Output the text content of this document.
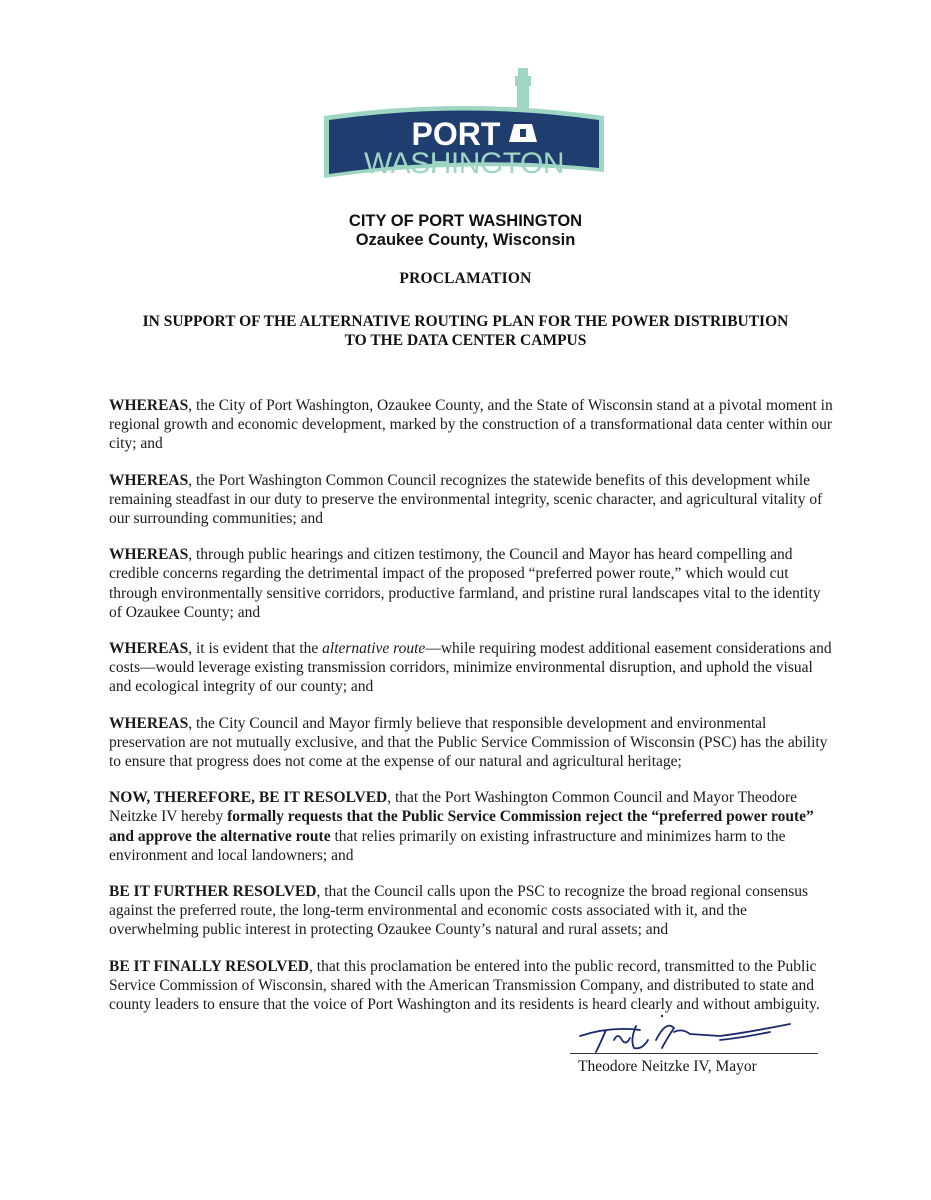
PORT
WASHINGTON
WISCONSIN
CITY OF PORT WASHINGTON
Ozaukee County, Wisconsin
PROCLAMATION
IN SUPPORT OF THE ALTERNATIVE ROUTING PLAN FOR THE POWER DISTRIBUTION
TO THE DATA CENTER CAMPUS

WHEREAS, the City of Port Washington, Ozaukee County, and the State of Wisconsin stand at a pivotal moment in regional growth and economic development, marked by the construction of a transformational data center within our city; and

WHEREAS, the Port Washington Common Council recognizes the statewide benefits of this development while remaining steadfast in our duty to preserve the environmental integrity, scenic character, and agricultural vitality of our surrounding communities; and

WHEREAS, through public hearings and citizen testimony, the Council and Mayor has heard compelling and credible concerns regarding the detrimental impact of the proposed “preferred power route,” which would cut through environmentally sensitive corridors, productive farmland, and pristine rural landscapes vital to the identity of Ozaukee County; and

WHEREAS, it is evident that the alternative route—while requiring modest additional easement considerations and costs—would leverage existing transmission corridors, minimize environmental disruption, and uphold the visual and ecological integrity of our county; and

WHEREAS, the City Council and Mayor firmly believe that responsible development and environmental preservation are not mutually exclusive, and that the Public Service Commission of Wisconsin (PSC) has the ability to ensure that progress does not come at the expense of our natural and agricultural heritage;

NOW, THEREFORE, BE IT RESOLVED, that the Port Washington Common Council and Mayor Theodore Neitzke IV hereby formally requests that the Public Service Commission reject the “preferred power route” and approve the alternative route that relies primarily on existing infrastructure and minimizes harm to the environment and local landowners; and

BE IT FURTHER RESOLVED, that the Council calls upon the PSC to recognize the broad regional consensus against the preferred route, the long-term environmental and economic costs associated with it, and the overwhelming public interest in protecting Ozaukee County’s natural and rural assets; and

BE IT FINALLY RESOLVED, that this proclamation be entered into the public record, transmitted to the Public Service Commission of Wisconsin, shared with the American Transmission Company, and distributed to state and county leaders to ensure that the voice of Port Washington and its residents is heard clearly and without ambiguity.

Theodore Neitzke IV, Mayor
